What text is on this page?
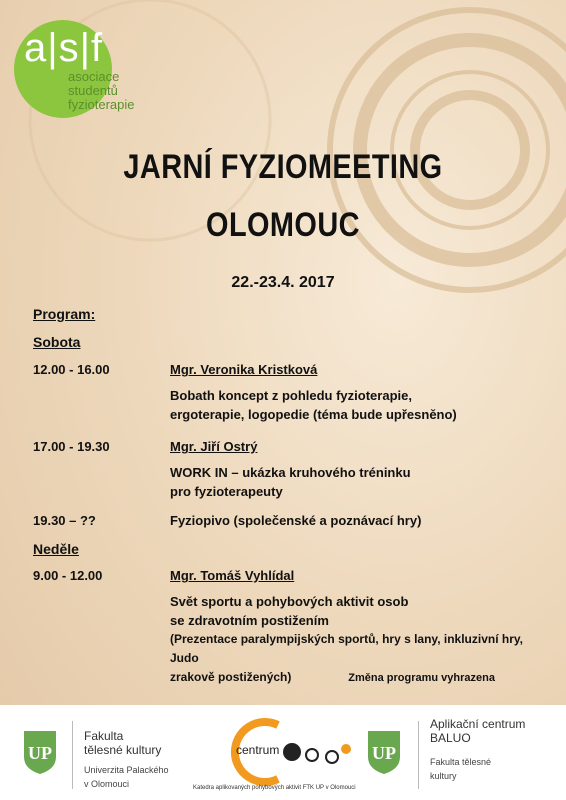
a|s|f
asociace
studentů
fyzioterapie
JARNÍ FYZIOMEETING
OLOMOUC
22.-23.4. 2017
Program:
Sobota
12.00 - 16.00	Mgr. Veronika Kristková
Bobath koncept z pohledu fyzioterapie,
ergoterapie, logopedie (téma bude upřesněno)
17.00 - 19.30	Mgr. Jiří Ostrý
WORK IN – ukázka kruhového tréninku
pro fyzioterapeuty
19.30 – ??	Fyziopivo (společenské a poznávací hry)
Neděle
9.00 - 12.00	Mgr. Tomáš Vyhlídal
Svět sportu a pohybových aktivit osob
se zdravotním postižením
(Prezentace paralympijských sportů, hry s lany, inkluzivní hry, Judo
zrakově postižených)	Změna programu vyhrazena
UP
Fakulta
tělesné kultury
Univerzita Palackého
v Olomouci
centrum
Katedra aplikovaných pohybových aktivit FTK UP v Olomouci
UP
Aplikační centrum
BALUO
Fakulta tělesné
kultury
